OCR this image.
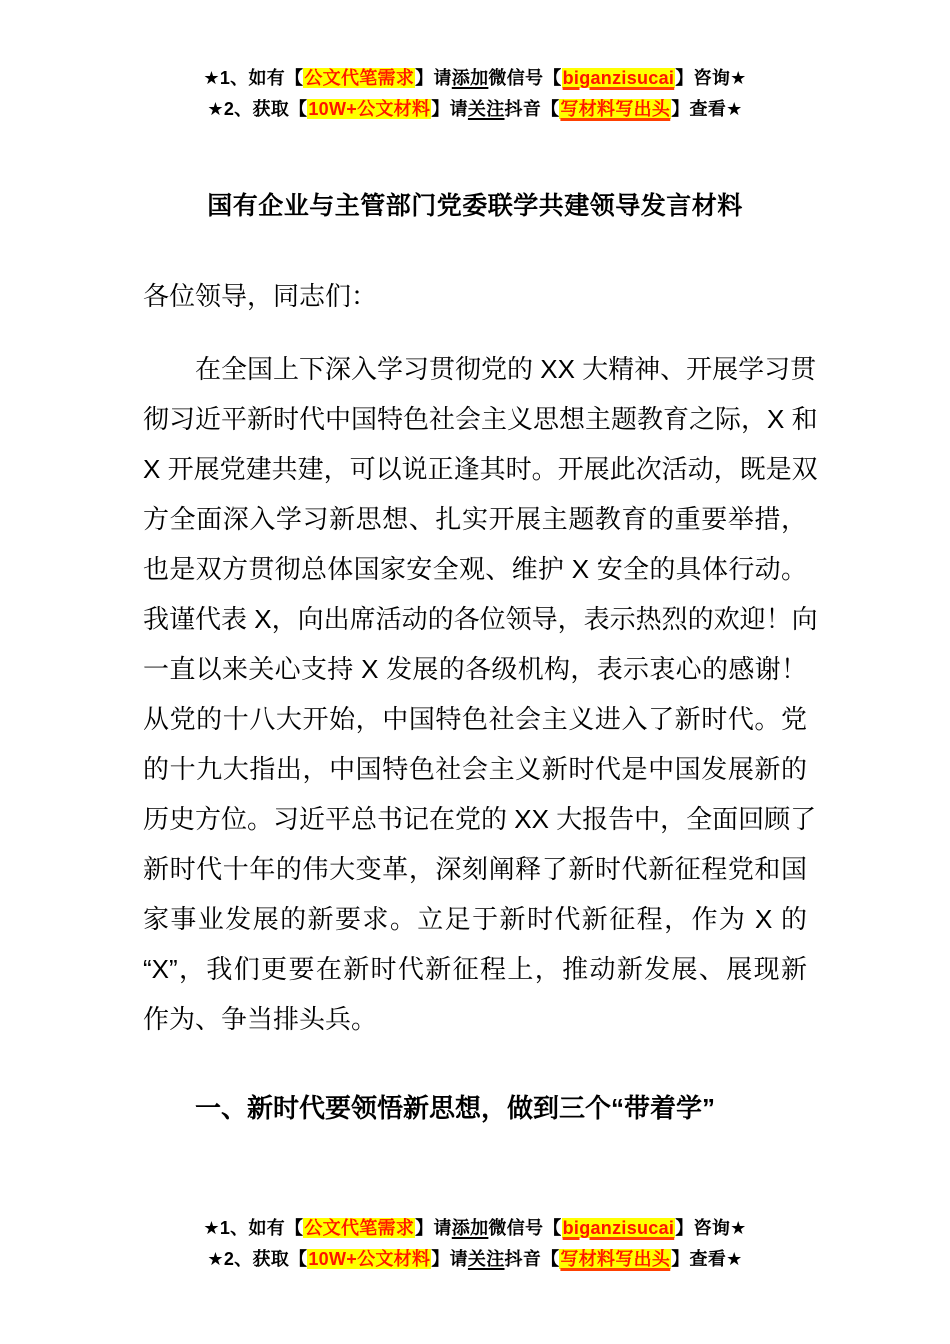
★1、如有【公文代笔需求】请添加微信号【biganzisucai】咨询★
★2、获取【10W+公文材料】请关注抖音【写材料写出头】查看★
国有企业与主管部门党委联学共建领导发言材料

各位领导，同志们：

在全国上下深入学习贯彻党的 XX 大精神、开展学习贯
彻习近平新时代中国特色社会主义思想主题教育之际，X 和
X 开展党建共建，可以说正逢其时。开展此次活动，既是双
方全面深入学习新思想、扎实开展主题教育的重要举措，
也是双方贯彻总体国家安全观、维护 X 安全的具体行动。
我谨代表 X，向出席活动的各位领导，表示热烈的欢迎！向
一直以来关心支持 X 发展的各级机构，表示衷心的感谢！
从党的十八大开始，中国特色社会主义进入了新时代。党
的十九大指出，中国特色社会主义新时代是中国发展新的
历史方位。习近平总书记在党的 XX 大报告中，全面回顾了
新时代十年的伟大变革，深刻阐释了新时代新征程党和国
家事业发展的新要求。立足于新时代新征程，作为 X 的
“X”，我们更要在新时代新征程上，推动新发展、展现新
作为、争当排头兵。
一、新时代要领悟新思想，做到三个“带着学”
★1、如有【公文代笔需求】请添加微信号【biganzisucai】咨询★
★2、获取【10W+公文材料】请关注抖音【写材料写出头】查看★
